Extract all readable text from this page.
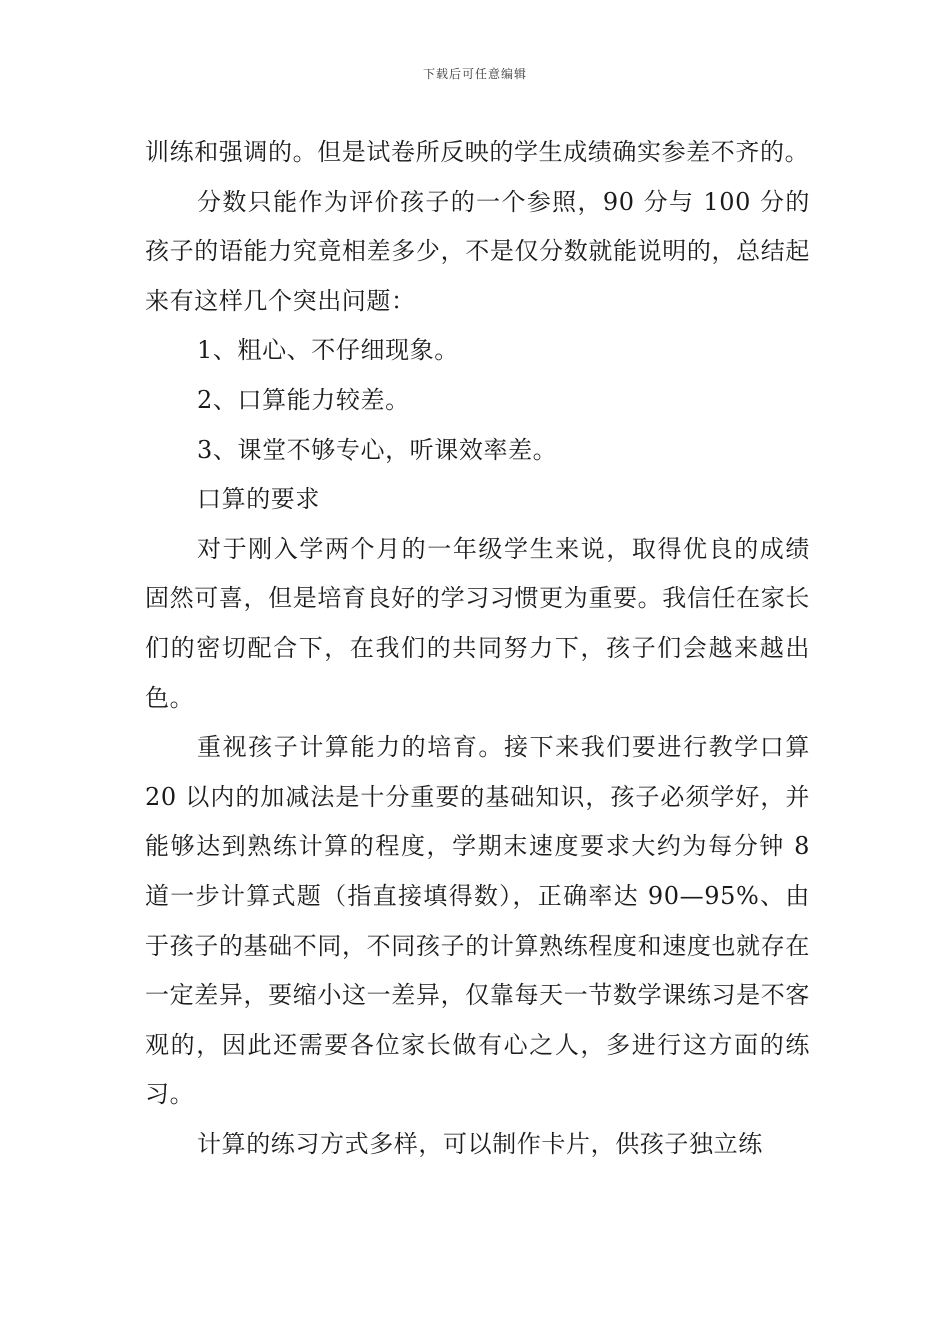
下载后可任意编辑

训练和强调的。但是试卷所反映的学生成绩确实参差不齐的。

分数只能作为评价孩子的一个参照，90 分与 100 分的孩子的语能力究竟相差多少，不是仅分数就能说明的，总结起来有这样几个突出问题：

1、粗心、不仔细现象。

2、口算能力较差。

3、课堂不够专心，听课效率差。

口算的要求

对于刚入学两个月的一年级学生来说，取得优良的成绩固然可喜，但是培育良好的学习习惯更为重要。我信任在家长们的密切配合下，在我们的共同努力下，孩子们会越来越出色。

重视孩子计算能力的培育。接下来我们要进行教学口算 20 以内的加减法是十分重要的基础知识，孩子必须学好，并能够达到熟练计算的程度，学期末速度要求大约为每分钟 8 道一步计算式题（指直接填得数），正确率达 90—95%、由于孩子的基础不同，不同孩子的计算熟练程度和速度也就存在一定差异，要缩小这一差异，仅靠每天一节数学课练习是不客观的，因此还需要各位家长做有心之人，多进行这方面的练习。

计算的练习方式多样，可以制作卡片，供孩子独立练
